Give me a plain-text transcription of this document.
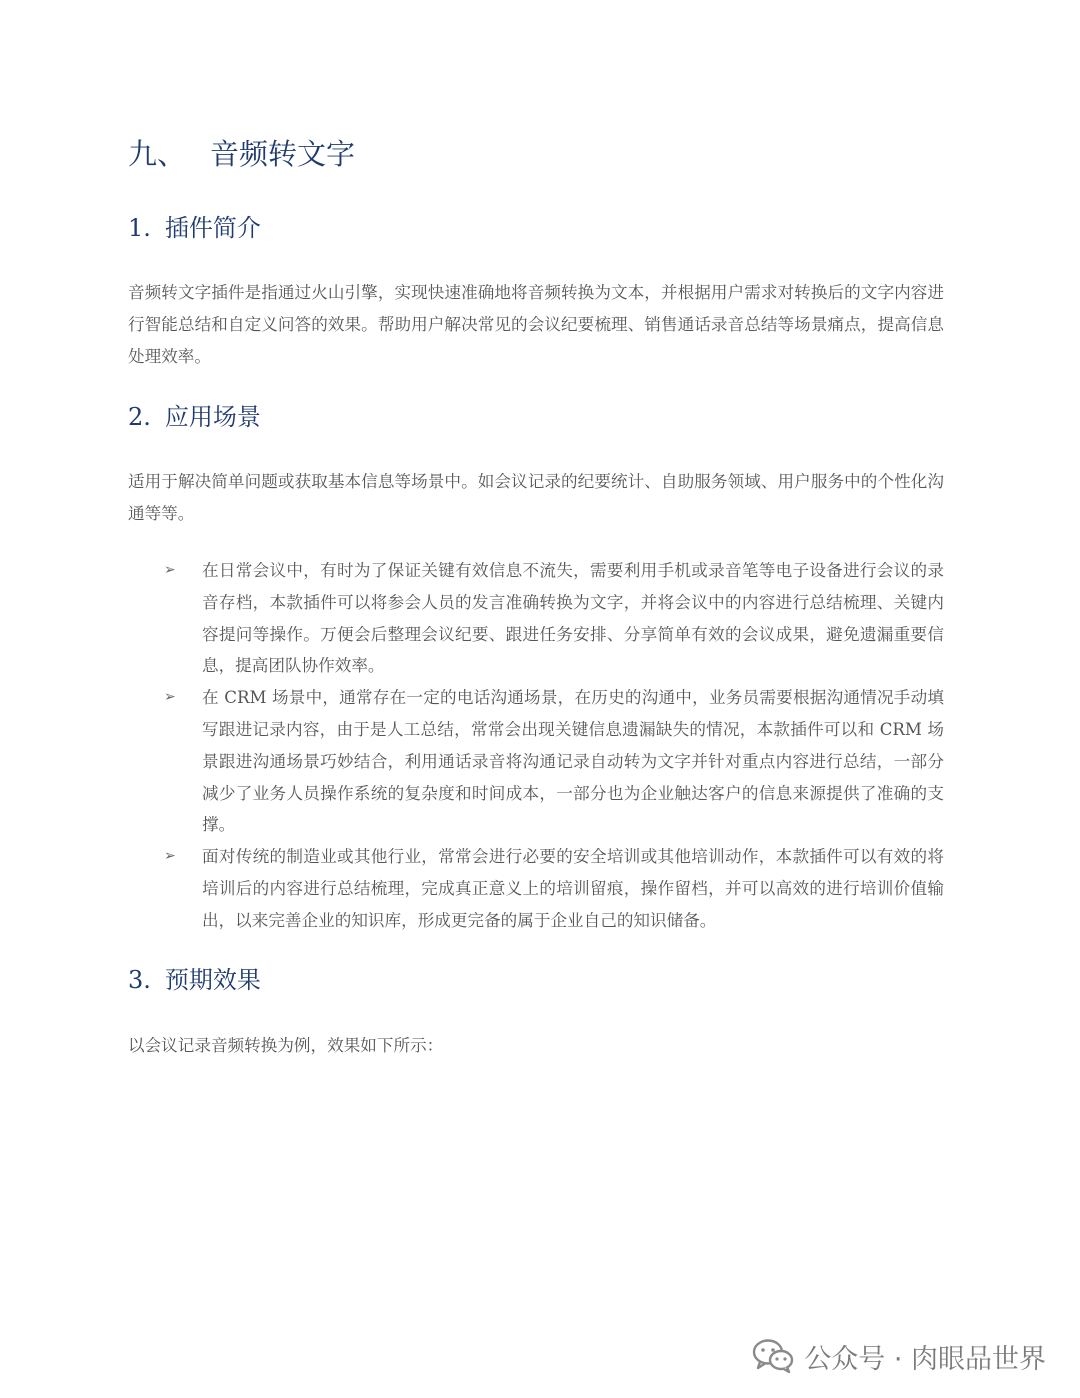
九、 音频转文字
1. 插件简介

音频转文字插件是指通过火山引擎，实现快速准确地将音频转换为文本，并根据用户需求对转换后的文字内容进行智能总结和自定义问答的效果。帮助用户解决常见的会议纪要梳理、销售通话录音总结等场景痛点，提高信息处理效率。

2. 应用场景

适用于解决简单问题或获取基本信息等场景中。如会议记录的纪要统计、自助服务领域、用户服务中的个性化沟通等等。

➢ 在日常会议中，有时为了保证关键有效信息不流失，需要利用手机或录音笔等电子设备进行会议的录音存档，本款插件可以将参会人员的发言准确转换为文字，并将会议中的内容进行总结梳理、关键内容提问等操作。万便会后整理会议纪要、跟进任务安排、分享简单有效的会议成果，避免遗漏重要信息，提高团队协作效率。
➢ 在 CRM 场景中，通常存在一定的电话沟通场景，在历史的沟通中，业务员需要根据沟通情况手动填写跟进记录内容，由于是人工总结，常常会出现关键信息遗漏缺失的情况，本款插件可以和 CRM 场景跟进沟通场景巧妙结合，利用通话录音将沟通记录自动转为文字并针对重点内容进行总结，一部分减少了业务人员操作系统的复杂度和时间成本，一部分也为企业触达客户的信息来源提供了准确的支撑。
➢ 面对传统的制造业或其他行业，常常会进行必要的安全培训或其他培训动作，本款插件可以有效的将培训后的内容进行总结梳理，完成真正意义上的培训留痕，操作留档，并可以高效的进行培训价值输出，以来完善企业的知识库，形成更完备的属于企业自己的知识储备。
3. 预期效果

以会议记录音频转换为例，效果如下所示：

公众号 · 肉眼品世界
